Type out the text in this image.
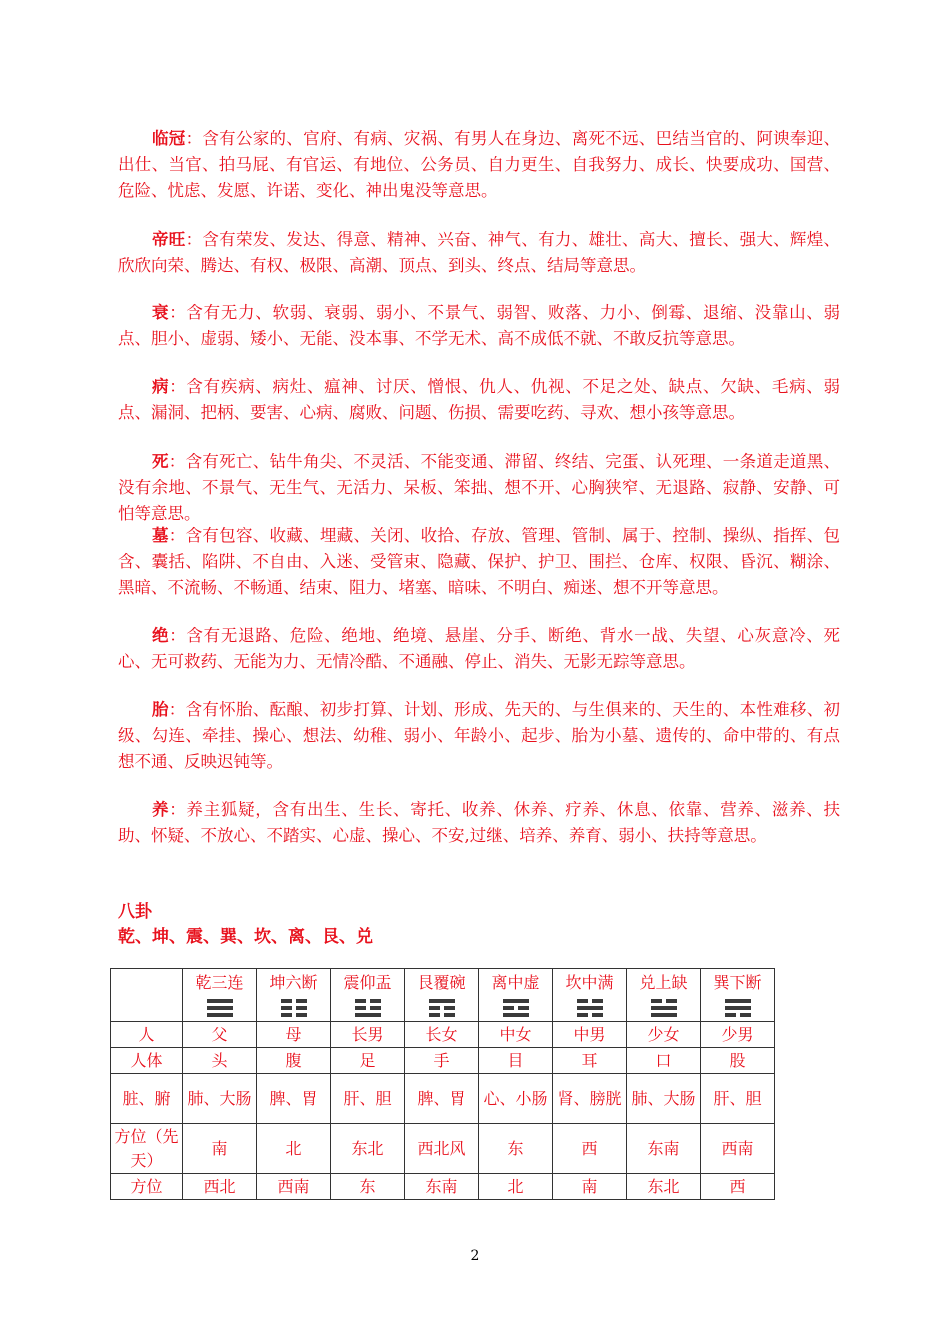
临冠：含有公家的、官府、有病、灾祸、有男人在身边、离死不远、巴结当官的、阿谀奉迎、出仕、当官、拍马屁、有官运、有地位、公务员、自力更生、自我努力、成长、快要成功、国营、危险、忧虑、发愿、许诺、变化、神出鬼没等意思。

帝旺：含有荣发、发达、得意、精神、兴奋、神气、有力、雄壮、高大、擅长、强大、辉煌、欣欣向荣、腾达、有权、极限、高潮、顶点、到头、终点、结局等意思。

衰：含有无力、软弱、衰弱、弱小、不景气、弱智、败落、力小、倒霉、退缩、没靠山、弱点、胆小、虚弱、矮小、无能、没本事、不学无术、高不成低不就、不敢反抗等意思。

病：含有疾病、病灶、瘟神、讨厌、憎恨、仇人、仇视、不足之处、缺点、欠缺、毛病、弱点、漏洞、把柄、要害、心病、腐败、问题、伤损、需要吃药、寻欢、想小孩等意思。

死：含有死亡、钻牛角尖、不灵活、不能变通、滞留、终结、完蛋、认死理、一条道走道黑、没有余地、不景气、无生气、无活力、呆板、笨拙、想不开、心胸狭窄、无退路、寂静、安静、可怕等意思。

墓：含有包容、收藏、埋藏、关闭、收拾、存放、管理、管制、属于、控制、操纵、指挥、包含、囊括、陷阱、不自由、入迷、受管束、隐藏、保护、护卫、围拦、仓库、权限、昏沉、糊涂、黑暗、不流畅、不畅通、结束、阻力、堵塞、暗味、不明白、痴迷、想不开等意思。

绝：含有无退路、危险、绝地、绝境、悬崖、分手、断绝、背水一战、失望、心灰意冷、死心、无可救药、无能为力、无情冷酷、不通融、停止、消失、无影无踪等意思。

胎：含有怀胎、酝酿、初步打算、计划、形成、先天的、与生俱来的、天生的、本性难移、初级、勾连、牵挂、操心、想法、幼稚、弱小、年龄小、起步、胎为小墓、遗传的、命中带的、有点想不通、反映迟钝等。

养：养主狐疑，含有出生、生长、寄托、收养、休养、疗养、休息、依靠、营养、滋养、扶助、怀疑、不放心、不踏实、心虚、操心、不安,过继、培养、养育、弱小、扶持等意思。

八卦

乾、坤、震、巽、坎、离、艮、兑

	乾三连	坤六断	震仰盂	艮覆碗	离中虚	坎中满	兑上缺	巽下断

人	父	母	长男	长女	中女	中男	少女	少男
人体	头	腹	足	手	目	耳	口	股
脏、腑	肺、大肠	脾、胃	肝、胆	脾、胃	心、小肠	肾、膀胱	肺、大肠	肝、胆
方位（先天）	南	北	东北	西北风	东	西	东南	西南
方位	西北	西南	东	东南	北	南	东北	西
2
